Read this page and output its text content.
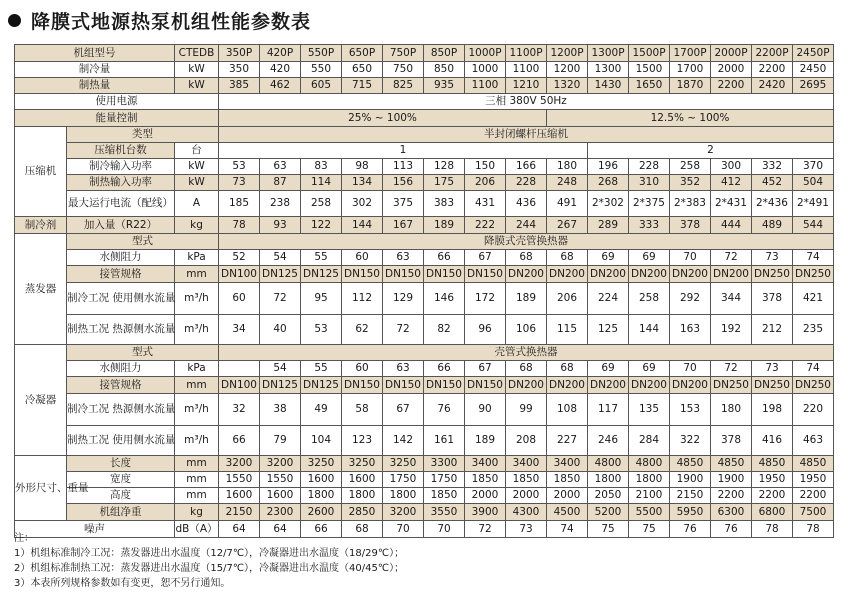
降膜式地源热泵机组性能参数表
机组型号		CTEDB	350P	420P	550P	650P	750P	850P	1000P	1100P	1200P	1300P	1500P	1700P	2000P	2200P	2450P
制冷量		kW	350	420	550	650	750	850	1000	1100	1200	1300	1500	1700	2000	2200	2450
制热量		kW	385	462	605	715	825	935	1100	1210	1320	1430	1650	1870	2200	2420	2695
使用电源			三相 380V 50Hz														
能量控制			25% ~ 100%								12.5% ~ 100%						
压缩机	类型		半封闭螺杆压缩机														
	压缩机台数	台	1									2					
	制冷输入功率	kW	53	63	83	98	113	128	150	166	180	196	228	258	300	332	370
	制热输入功率	kW	73	87	114	134	156	175	206	228	248	268	310	352	412	452	504
	最大运行电流（配线）	A	185	238	258	302	375	383	431	436	491	2*302	2*375	2*383	2*431	2*436	2*491
制冷剂	加入量（R22）	kg	78	93	122	144	167	189	222	244	267	289	333	378	444	489	544
蒸发器	型式		降膜式壳管换热器														
	水侧阻力	kPa	52	54	55	60	63	66	67	68	68	69	69	70	72	73	74
	接管规格	mm	DN100	DN125	DN125	DN150	DN150	DN150	DN150	DN200	DN200	DN200	DN200	DN200	DN200	DN250	DN250
	制冷工况 使用侧水流量	m³/h	60	72	95	112	129	146	172	189	206	224	258	292	344	378	421
	制热工况 热源侧水流量	m³/h	34	40	53	62	72	82	96	106	115	125	144	163	192	212	235
冷凝器	型式		壳管式换热器														
	水侧阻力	kPa		54	55	60	63	66	67	68	68	69	69	70	72	73	74
	接管规格	mm	DN100	DN125	DN125	DN150	DN150	DN150	DN150	DN200	DN200	DN200	DN200	DN200	DN250	DN250	DN250
	制冷工况 热源侧水流量	m³/h	32	38	49	58	67	76	90	99	108	117	135	153	180	198	220
	制热工况 使用侧水流量	m³/h	66	79	104	123	142	161	189	208	227	246	284	322	378	416	463
外形尺寸、重量	长度	mm	3200	3200	3250	3250	3250	3300	3400	3400	3400	4800	4800	4850	4850	4850	4850
	宽度	mm	1550	1550	1600	1600	1750	1750	1850	1850	1850	1800	1800	1900	1900	1950	1950
	高度	mm	1600	1600	1800	1800	1800	1850	2000	2000	2000	2050	2100	2150	2200	2200	2200
	机组净重	kg	2150	2300	2600	2850	3200	3550	3900	4300	4500	5200	5500	5950	6300	6800	7500
噪声		dB（A）	64	64	66	68	70	70	72	73	74	75	75	76	76	78	78
注：
1）机组标准制冷工况：蒸发器进出水温度（12/7℃），冷凝器进出水温度（18/29℃）；
2）机组标准制热工况：蒸发器进出水温度（15/7℃），冷凝器进出水温度（40/45℃）；
3）本表所列规格参数如有变更，恕不另行通知。
